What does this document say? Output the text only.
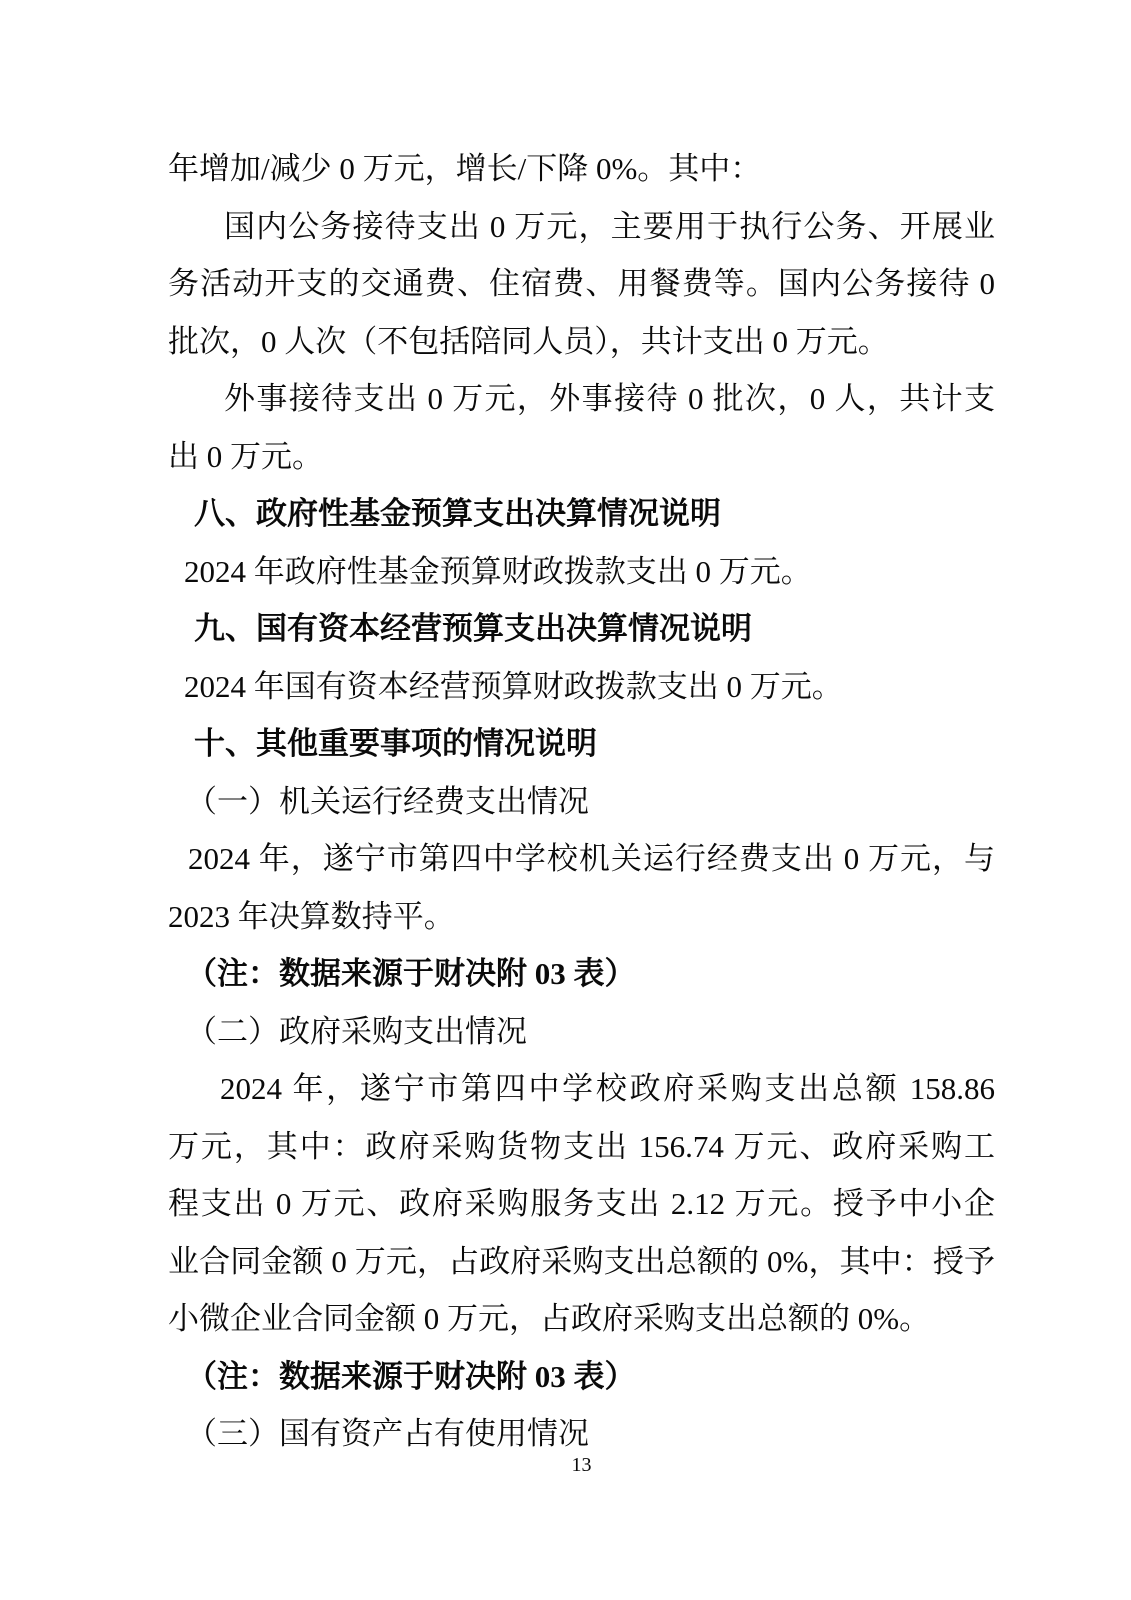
年增加/减少 0 万元，增长/下降 0%。其中：
国内公务接待支出 0 万元，主要用于执行公务、开展业
务活动开支的交通费、住宿费、用餐费等。国内公务接待 0
批次，0 人次（不包括陪同人员），共计支出 0 万元。
外事接待支出 0 万元，外事接待 0 批次，0 人，共计支
出 0 万元。
八、政府性基金预算支出决算情况说明
2024 年政府性基金预算财政拨款支出 0 万元。
九、国有资本经营预算支出决算情况说明
2024 年国有资本经营预算财政拨款支出 0 万元。
十、其他重要事项的情况说明
（一）机关运行经费支出情况
2024 年，遂宁市第四中学校机关运行经费支出 0 万元，与
2023 年决算数持平。
（注：数据来源于财决附 03 表）
（二）政府采购支出情况
2024 年，遂宁市第四中学校政府采购支出总额 158.86
万元，其中：政府采购货物支出 156.74 万元、政府采购工
程支出 0 万元、政府采购服务支出 2.12 万元。授予中小企
业合同金额 0 万元，占政府采购支出总额的 0%，其中：授予
小微企业合同金额 0 万元，占政府采购支出总额的 0%。
（注：数据来源于财决附 03 表）
（三）国有资产占有使用情况
13
